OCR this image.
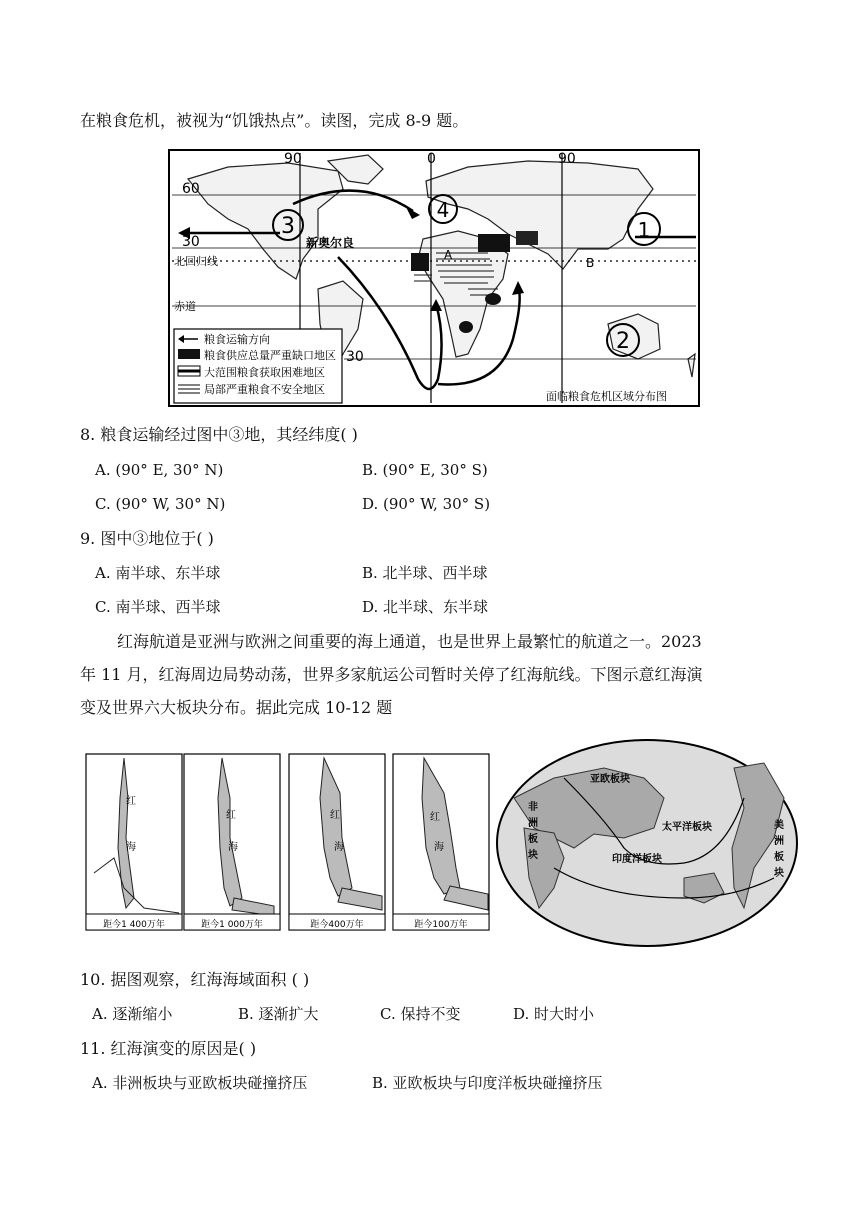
在粮食危机，被视为“饥饿热点”。读图，完成 8-9 题。
3
4
1
2
90	0	90
60
30
30
北回归线
赤道
新奥尔良
A
B
面临粮食危机区域分布图
粮食运输方向
粮食供应总量严重缺口地区
大范围粮食获取困难地区
局部严重粮食不安全地区
8. 粮食运输经过图中③地，其经纬度( )
A. (90° E, 30° N)	B. (90° E, 30° S)
C. (90° W, 30° N)	D. (90° W, 30° S)
9. 图中③地位于( )
A. 南半球、东半球	B. 北半球、西半球
C. 南半球、西半球	D. 北半球、东半球
红海航道是亚洲与欧洲之间重要的海上通道，也是世界上最繁忙的航道之一。2023
年 11 月，红海周边局势动荡，世界多家航运公司暂时关停了红海航线。下图示意红海演
变及世界六大板块分布。据此完成 10-12 题
距今1 400万年
红
海
距今1 000万年
红
海
距今400万年
红
海
距今100万年
红
海
亚欧板块
太平洋板块
印度洋板块
非
洲
板
块
美
洲
板
块
10. 据图观察，红海海域面积 ( )
A. 逐渐缩小	B. 逐渐扩大	C. 保持不变	D. 时大时小
11. 红海演变的原因是( )
A. 非洲板块与亚欧板块碰撞挤压	B. 亚欧板块与印度洋板块碰撞挤压
